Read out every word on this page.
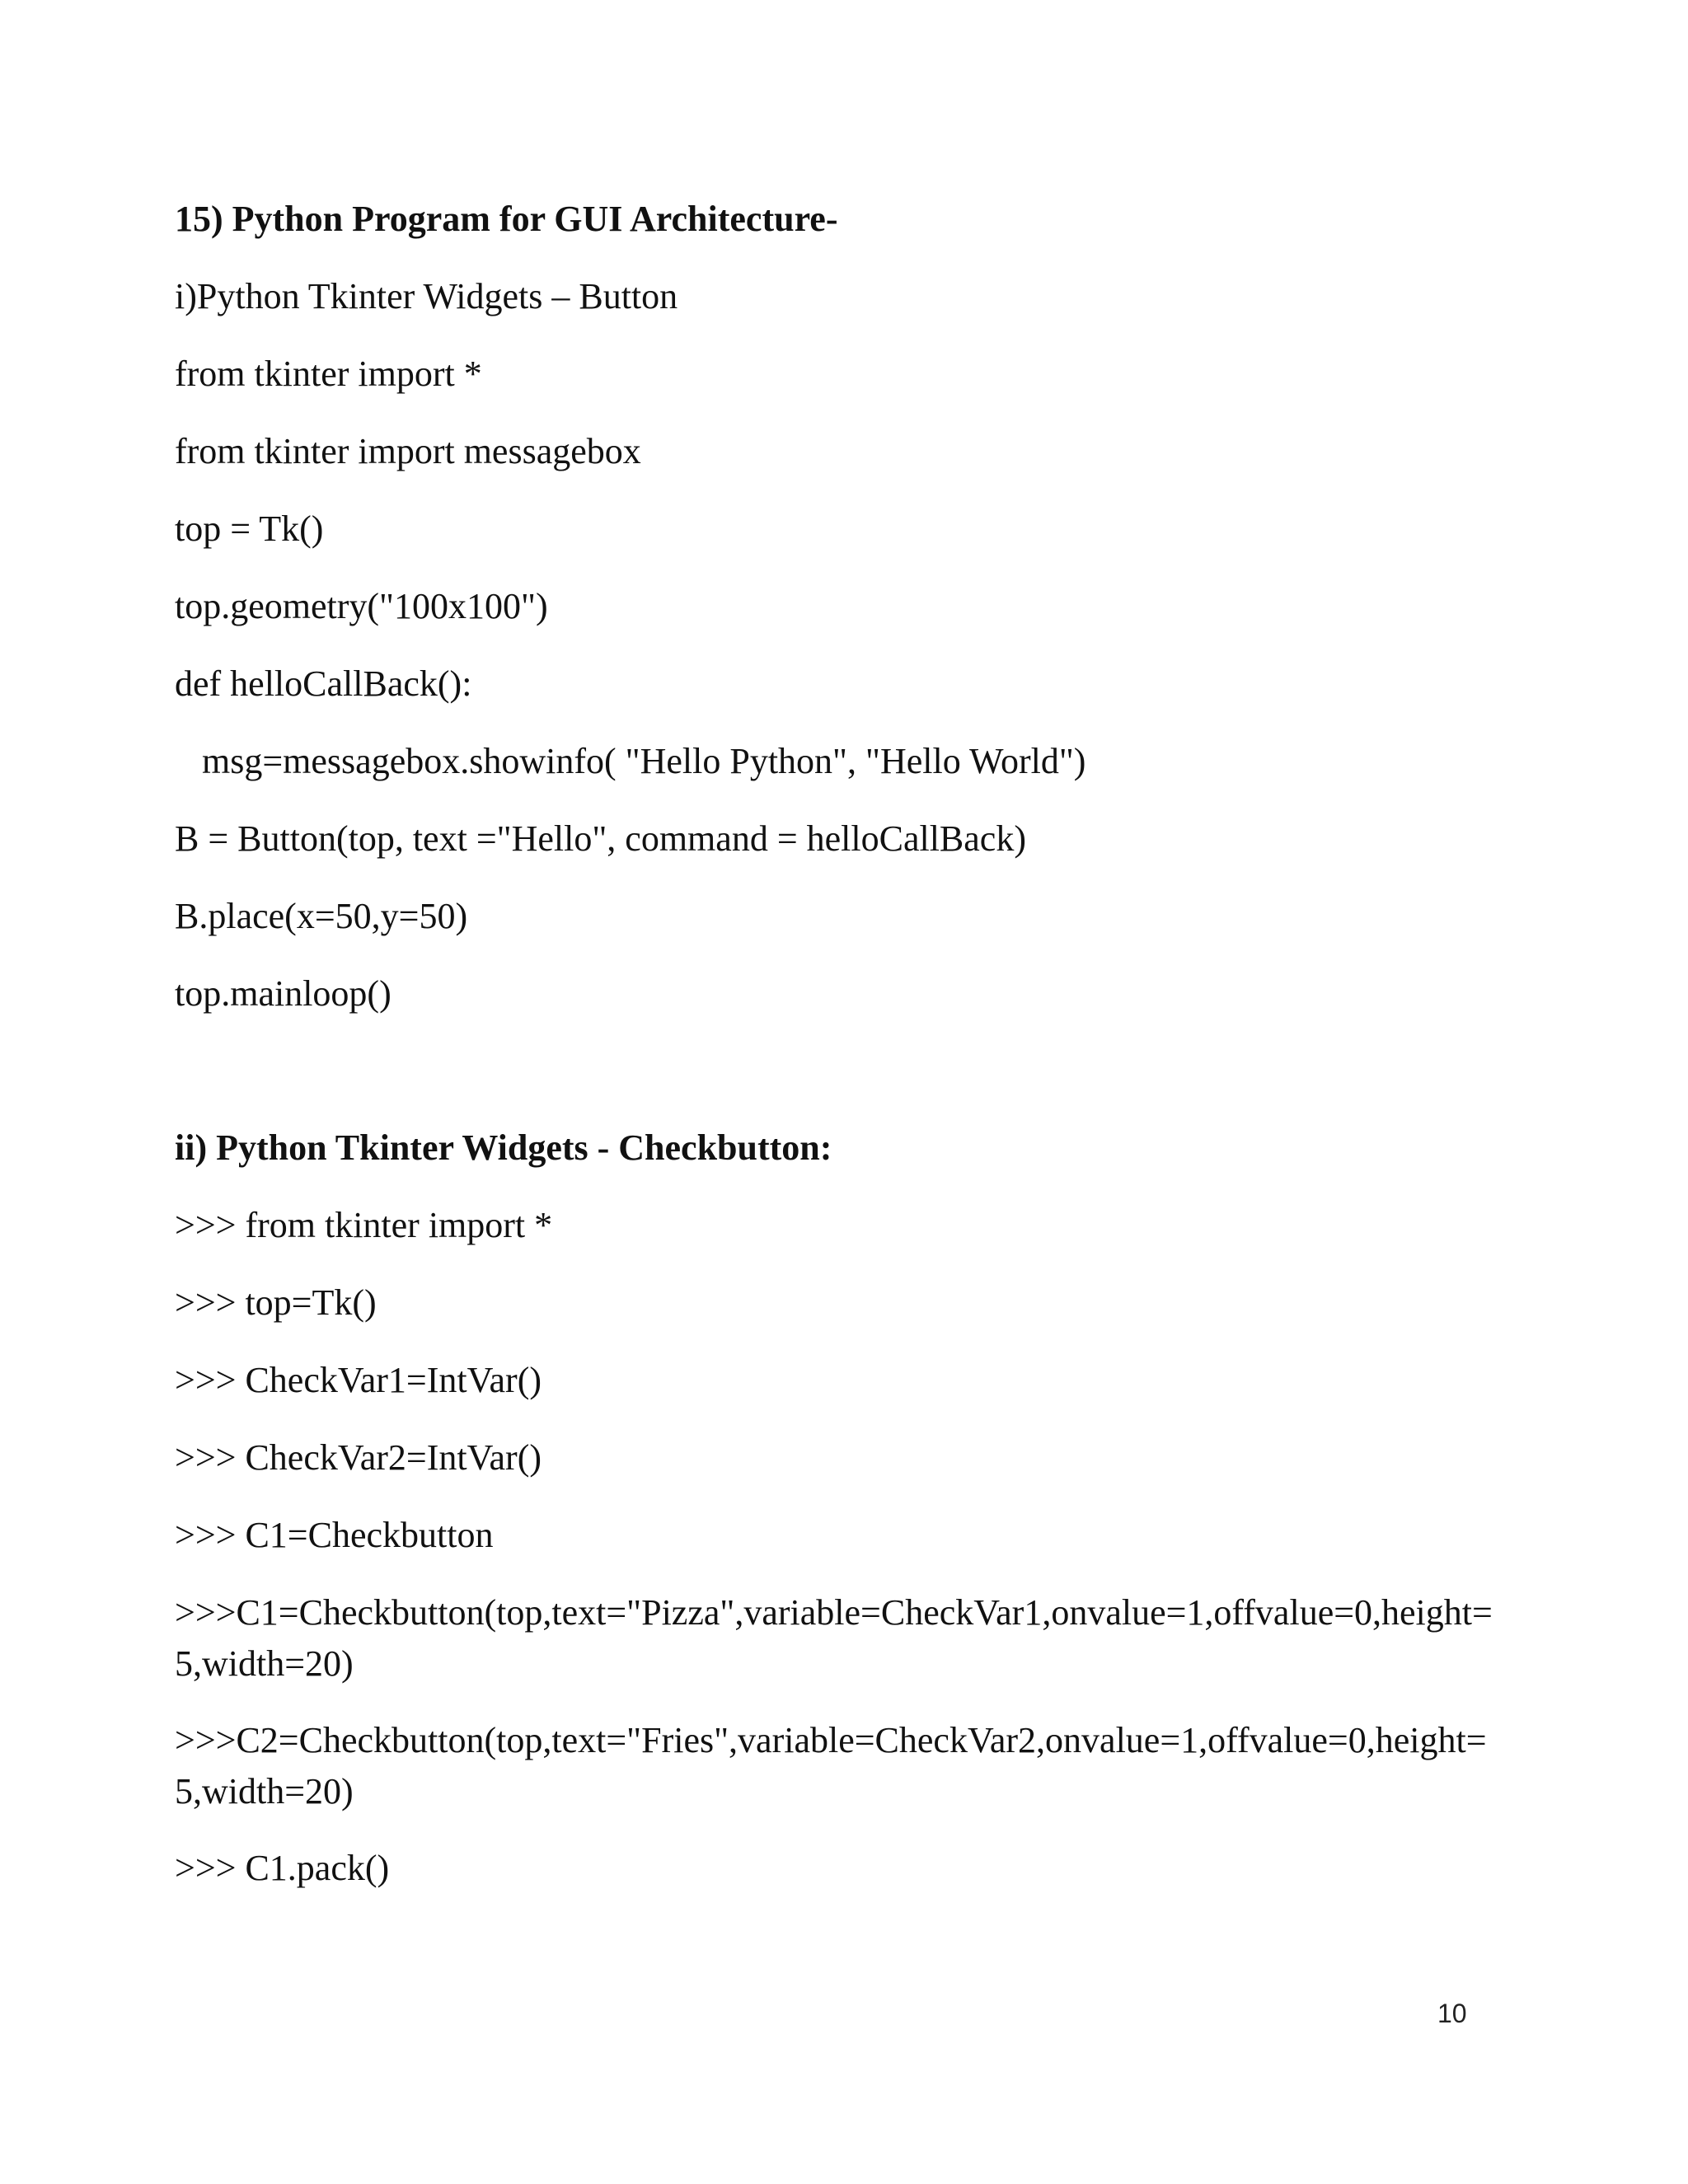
15) Python Program for GUI Architecture-

i)Python Tkinter Widgets – Button

from tkinter import *

from tkinter import messagebox

top = Tk()

top.geometry("100x100")

def helloCallBack():

msg=messagebox.showinfo( "Hello Python", "Hello World")

B = Button(top, text ="Hello", command = helloCallBack)

B.place(x=50,y=50)

top.mainloop()

ii) Python Tkinter Widgets - Checkbutton:

>>> from tkinter import *

>>> top=Tk()

>>> CheckVar1=IntVar()

>>> CheckVar2=IntVar()

>>> C1=Checkbutton

>>>C1=Checkbutton(top,text="Pizza",variable=CheckVar1,onvalue=1,offvalue=0,height=5,width=20)

>>>C2=Checkbutton(top,text="Fries",variable=CheckVar2,onvalue=1,offvalue=0,height=5,width=20)

>>> C1.pack()

10
